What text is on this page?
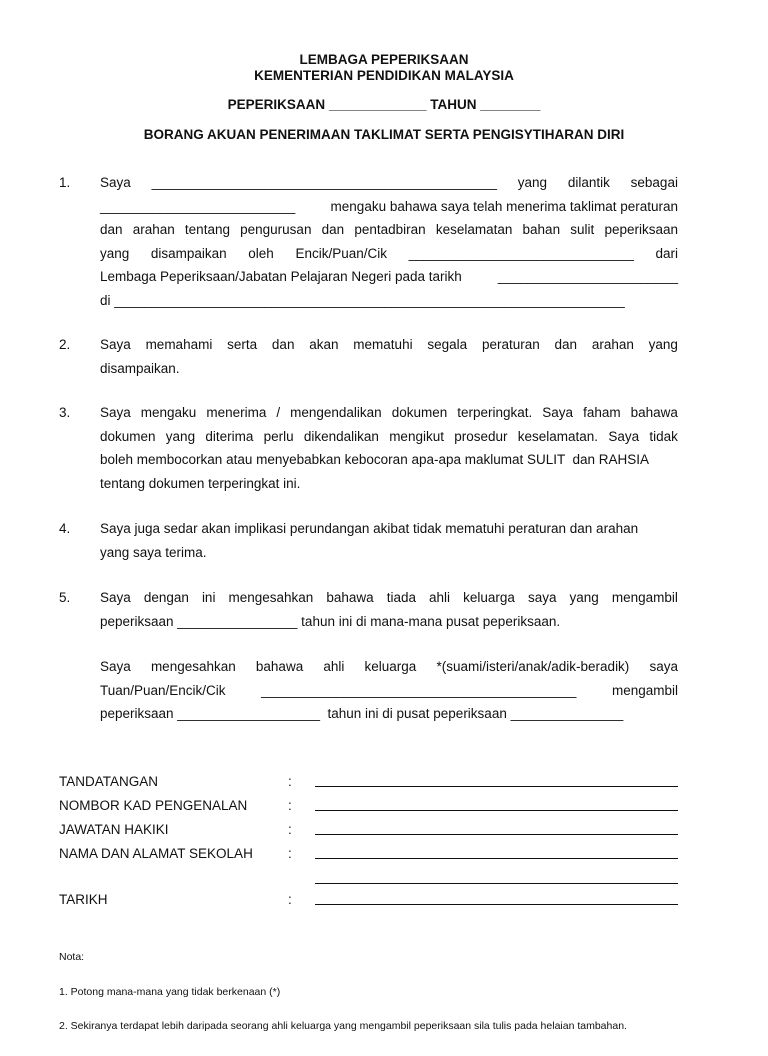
LEMBAGA PEPERIKSAAN
KEMENTERIAN PENDIDIKAN MALAYSIA
PEPERIKSAAN _____________ TAHUN ________
BORANG AKUAN PENERIMAAN TAKLIMAT SERTA PENGISYTIHARAN DIRI
1. Saya ______________________________________________ yang dilantik sebagai
__________________________	mengaku bahawa saya telah menerima taklimat peraturan
dan arahan tentang pengurusan dan pentadbiran keselamatan bahan sulit peperiksaan
yang disampaikan oleh Encik/Puan/Cik ______________________________ dari
Lembaga Peperiksaan/Jabatan Pelajaran Negeri pada tarikh	________________________
di ____________________________________________________________________
2. Saya memahami serta dan akan mematuhi segala peraturan dan arahan yang
disampaikan.
3. Saya mengaku menerima / mengendalikan dokumen terperingkat. Saya faham bahawa
dokumen yang diterima perlu dikendalikan mengikut prosedur keselamatan. Saya tidak
boleh membocorkan atau menyebabkan kebocoran apa-apa maklumat SULIT  dan RAHSIA
tentang dokumen terperingkat ini.
4. Saya juga sedar akan implikasi perundangan akibat tidak mematuhi peraturan dan arahan
yang saya terima.
5. Saya dengan ini mengesahkan bahawa tiada ahli keluarga saya yang mengambil
peperiksaan ________________ tahun ini di mana-mana pusat peperiksaan.
Saya mengesahkan bahawa ahli keluarga *(suami/isteri/anak/adik-beradik) saya
Tuan/Puan/Encik/Cik	__________________________________________	mengambil
peperiksaan ___________________  tahun ini di pusat peperiksaan _______________
TANDATANGAN	:
NOMBOR KAD PENGENALAN	:
JAWATAN HAKIKI	:
NAMA DAN ALAMAT SEKOLAH	:
TARIKH	:

Nota:

1. Potong mana-mana yang tidak berkenaan (*)

2. Sekiranya terdapat lebih daripada seorang ahli keluarga yang mengambil peperiksaan sila tulis pada helaian tambahan.
